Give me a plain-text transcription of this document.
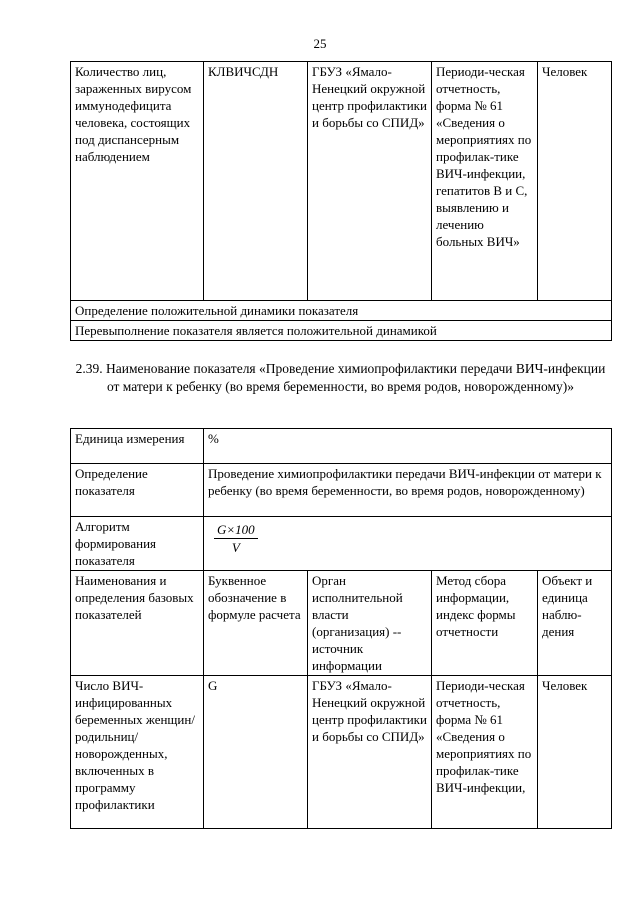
25
Количество лиц, зараженных вирусом иммунодефицита человека, состоящих под диспансерным наблюдением	КЛВИЧСДН	ГБУЗ «Ямало-Ненецкий окружной центр профилактики и борьбы со СПИД»	Периоди-ческая отчетность, форма № 61 «Сведения о мероприятиях по профилак-тике ВИЧ-инфекции, гепатитов В и С, выявлению и лечению больных ВИЧ»	Человек
Определение положительной динамики показателя
Перевыполнение показателя является положительной динамикой
2.39. Наименование показателя «Проведение химиопрофилактики передачи ВИЧ-инфекции от матери к ребенку (во время беременности, во время родов, новорожденному)»
Единица измерения	%			
Определение показателя	Проведение химиопрофилактики передачи ВИЧ-инфекции от матери к ребенку (во время беременности, во время родов, новорожденному)			
Алгоритм формирования показателя	$\frac{G\times 100}{V}$

Наименования и определения базовых показателей	Буквенное обозначение в формуле расчета	Орган исполнительной власти (организация) -- источник информации	Метод сбора информации, индекс формы отчетности	Объект и единица наблю-дения
Число ВИЧ-инфицированных беременных женщин/ родильниц/ новорожденных, включенных в программу профилактики	G	ГБУЗ «Ямало-Ненецкий окружной центр профилактики и борьбы со СПИД»	Периоди-ческая отчетность, форма № 61 «Сведения о мероприятиях по профилак-тике ВИЧ-инфекции,	Человек
